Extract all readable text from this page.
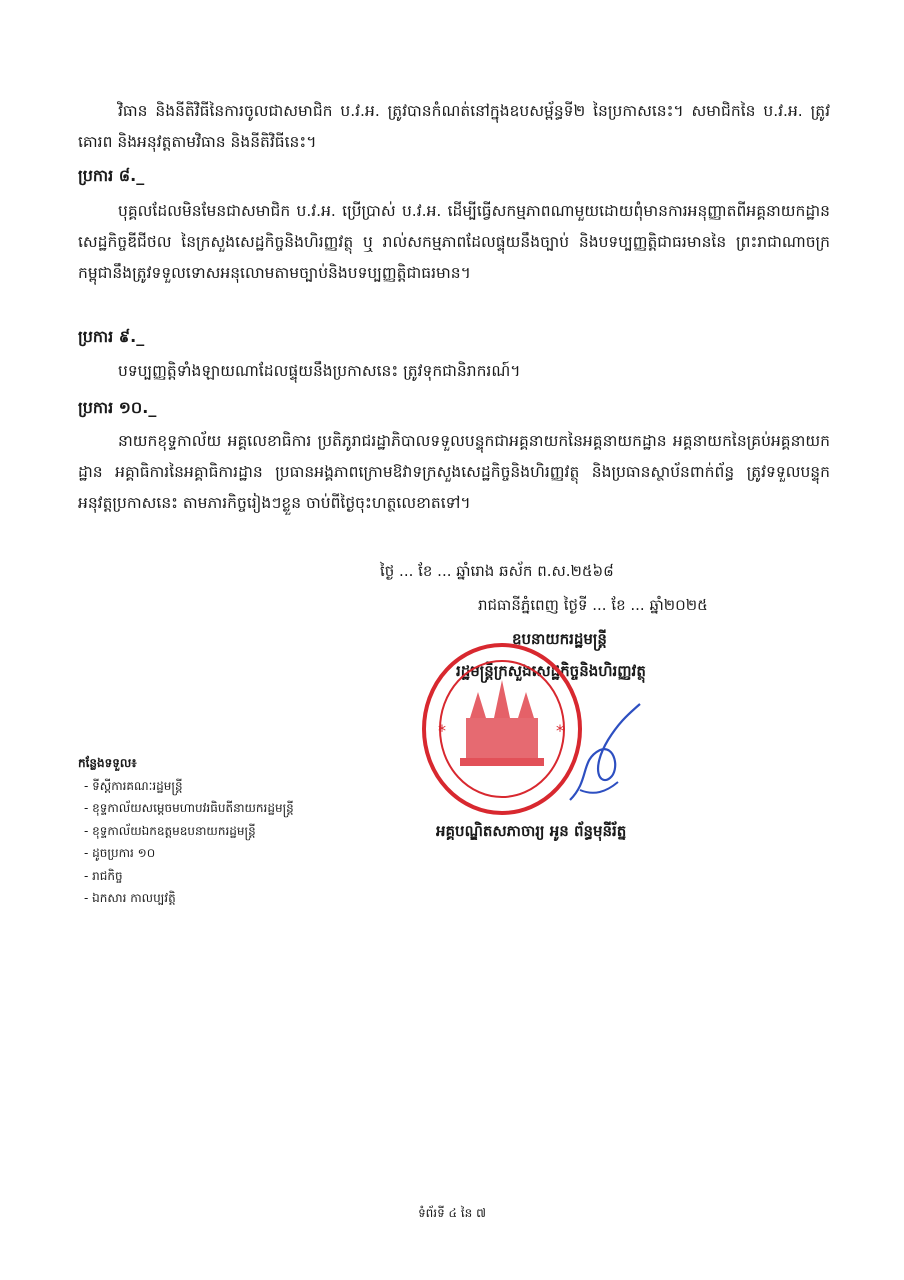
វិធាន និងនីតិវិធីនៃការចូលជាសមាជិក ប.វ.អ. ត្រូវបានកំណត់នៅក្នុងឧបសម្ព័ន្ធទី២ នៃប្រកាសនេះ។ សមាជិកនៃ ប.វ.អ. ត្រូវគោរព និងអនុវត្តតាមវិធាន និងនីតិវិធីនេះ។

ប្រការ ៨._

បុគ្គលដែលមិនមែនជាសមាជិក ប.វ.អ. ប្រើប្រាស់ ប.វ.អ. ដើម្បីធ្វើសកម្មភាពណាមួយដោយពុំមានការអនុញ្ញាតពីអគ្គនាយកដ្ឋានសេដ្ឋកិច្ចឌីជីថល នៃក្រសួងសេដ្ឋកិច្ចនិងហិរញ្ញវត្ថុ ឬ រាល់សកម្មភាពដែលផ្ទុយនឹងច្បាប់ និងបទប្បញ្ញត្តិជាធរមាននៃ ព្រះរាជាណាចក្រកម្ពុជានឹងត្រូវទទួលទោសអនុលោមតាមច្បាប់និងបទប្បញ្ញត្តិជាធរមាន។

ប្រការ ៩._

បទប្បញ្ញត្តិទាំងឡាយណាដែលផ្ទុយនឹងប្រកាសនេះ ត្រូវទុកជានិរាករណ៍។

ប្រការ ១០._

នាយកខុទ្ទកាល័យ អគ្គលេខាធិការ ប្រតិភូរាជរដ្ឋាភិបាលទទួលបន្ទុកជាអគ្គនាយកនៃអគ្គនាយកដ្ឋាន អគ្គនាយកនៃគ្រប់អគ្គនាយកដ្ឋាន អគ្គាធិការនៃអគ្គាធិការដ្ឋាន ប្រធានអង្គភាពក្រោមឱវាទក្រសួងសេដ្ឋកិច្ចនិងហិរញ្ញវត្ថុ និងប្រធានស្ថាប័នពាក់ព័ន្ធ ត្រូវទទួលបន្ទុកអនុវត្តប្រកាសនេះ តាមភារកិច្ចរៀងៗខ្លួន ចាប់ពីថ្ងៃចុះហត្ថលេខាតទៅ។

ថ្ងៃ ... ខែ ... ឆ្នាំរោង ឆស័ក ព.ស.២៥៦៨
រាជធានីភ្នំពេញ ថ្ងៃទី ... ខែ ... ឆ្នាំ២០២៥
ឧបនាយករដ្ឋមន្ត្រី
រដ្ឋមន្ត្រីក្រសួងសេដ្ឋកិច្ចនិងហិរញ្ញវត្ថុ
*	*
អគ្គបណ្ឌិតសភាចារ្យ អូន ព័ន្ធមុនីរ័ត្ន
កន្លែងទទួល៖
- ទីស្តីការគណៈរដ្ឋមន្ត្រី
- ខុទ្ទកាល័យសម្តេចមហាបវរធិបតីនាយករដ្ឋមន្ត្រី
- ខុទ្ទកាល័យឯកឧត្តមឧបនាយករដ្ឋមន្ត្រី
- ដូចប្រការ ១០
- រាជកិច្ច
- ឯកសារ កាលប្បវត្តិ
ទំព័រទី ៤ នៃ ៧
